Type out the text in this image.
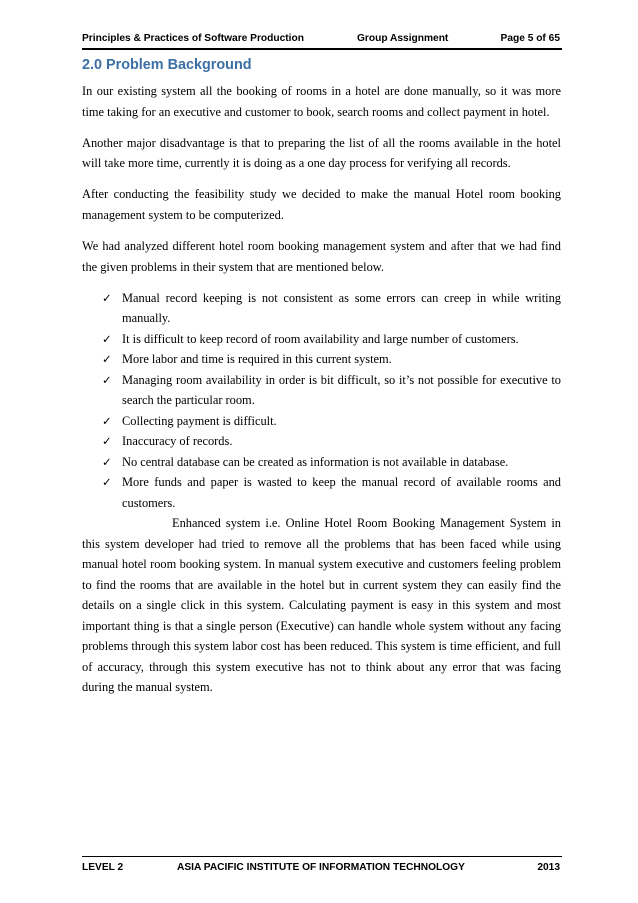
Principles & Practices of Software Production	Group Assignment	Page 5 of 65
2.0 Problem Background

In our existing system all the booking of rooms in a hotel are done manually, so it was more time taking for an executive and customer to book, search rooms and collect payment in hotel.

Another major disadvantage is that to preparing the list of all the rooms available in the hotel will take more time, currently it is doing as a one day process for verifying all records.

After conducting the feasibility study we decided to make the manual Hotel room booking management system to be computerized.

We had analyzed different hotel room booking management system and after that we had find the given problems in their system that are mentioned below.

✓ Manual record keeping is not consistent as some errors can creep in while writing manually.
✓ It is difficult to keep record of room availability and large number of customers.
✓ More labor and time is required in this current system.
✓ Managing room availability in order is bit difficult, so it’s not possible for executive to search the particular room.
✓ Collecting payment is difficult.
✓ Inaccuracy of records.
✓ No central database can be created as information is not available in database.
✓ More funds and paper is wasted to keep the manual record of available rooms and customers.

Enhanced system i.e. Online Hotel Room Booking Management System in this system developer had tried to remove all the problems that has been faced while using manual hotel room booking system. In manual system executive and customers feeling problem to find the rooms that are available in the hotel but in current system they can easily find the details on a single click in this system. Calculating payment is easy in this system and most important thing is that a single person (Executive) can handle whole system without any facing problems through this system labor cost has been reduced. This system is time efficient, and full of accuracy, through this system executive has not to think about any error that was facing during the manual system.

LEVEL 2	ASIA PACIFIC INSTITUTE OF INFORMATION TECHNOLOGY	2013
